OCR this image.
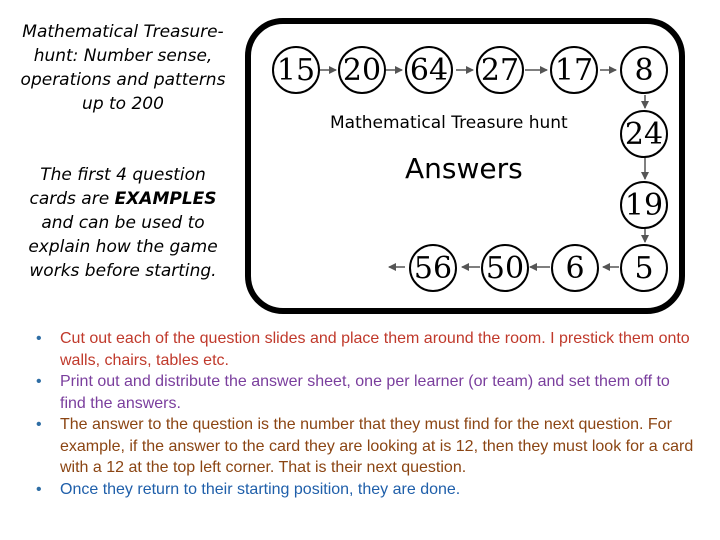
Mathematical Treasure-hunt: Number sense, operations and patterns up to 200
The first 4 question cards are EXAMPLES and can be used to explain how the game works before starting.
15 20 64 27 17	8
24
19
5
6
50
56
Mathematical Treasure hunt
Answers
• Cut out each of the question slides and place them around the room. I prestick them onto walls, chairs, tables etc.
• Print out and distribute the answer sheet, one per learner (or team) and set them off to find the answers.
• The answer to the question is the number that they must find for the next question. For example, if the answer to the card they are looking at is 12, then they must look for a card with a 12 at the top left corner. That is their next question.
• Once they return to their starting position, they are done.
